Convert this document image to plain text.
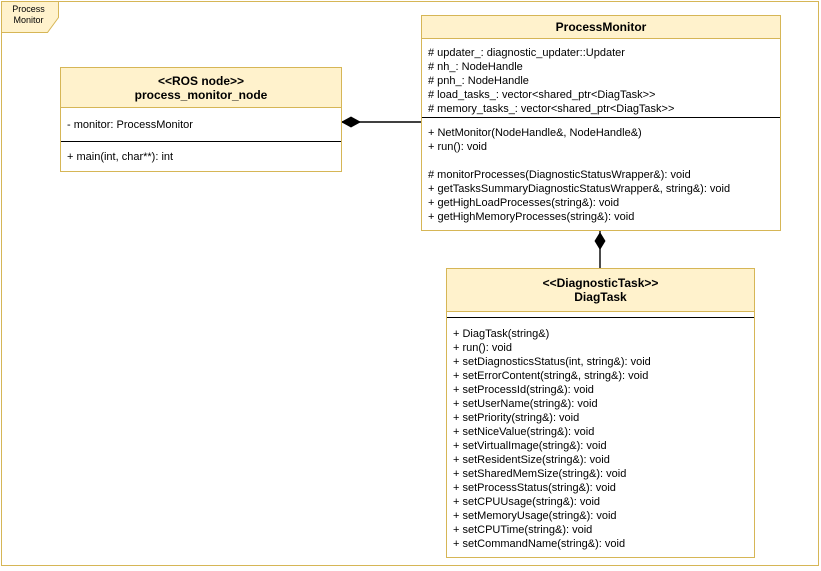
Process Monitor
<<ROS node>>
process_monitor_node
- monitor: ProcessMonitor
+ main(int, char**): int
ProcessMonitor
# updater_: diagnostic_updater::Updater
# nh_: NodeHandle
# pnh_: NodeHandle
# load_tasks_: vector<shared_ptr<DiagTask>>
# memory_tasks_: vector<shared_ptr<DiagTask>>
+ NetMonitor(NodeHandle&, NodeHandle&)
+ run(): void
# monitorProcesses(DiagnosticStatusWrapper&): void
+ getTasksSummaryDiagnosticStatusWrapper&, string&): void
+ getHighLoadProcesses(string&): void
+ getHighMemoryProcesses(string&): void
<<DiagnosticTask>>
DiagTask
+ DiagTask(string&)
+ run(): void
+ setDiagnosticsStatus(int, string&): void
+ setErrorContent(string&, string&): void
+ setProcessId(string&): void
+ setUserName(string&): void
+ setPriority(string&): void
+ setNiceValue(string&): void
+ setVirtualImage(string&): void
+ setResidentSize(string&): void
+ setSharedMemSize(string&): void
+ setProcessStatus(string&): void
+ setCPUUsage(string&): void
+ setMemoryUsage(string&): void
+ setCPUTime(string&): void
+ setCommandName(string&): void
